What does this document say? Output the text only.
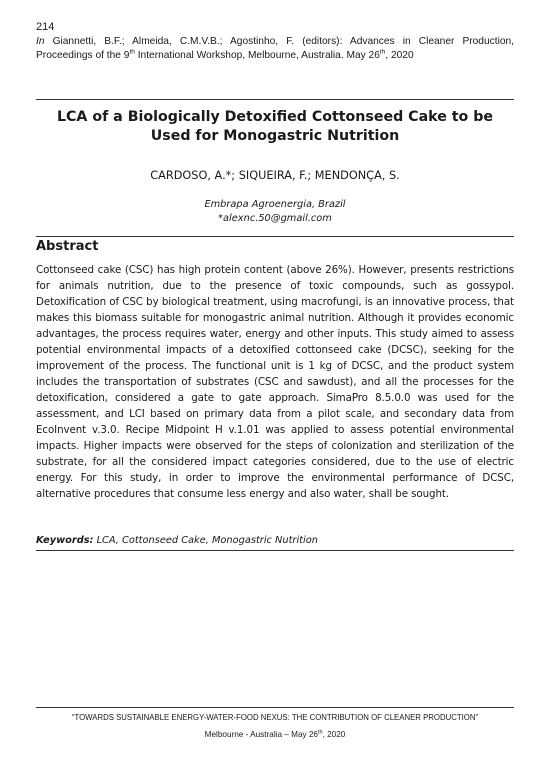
214
In Giannetti, B.F.; Almeida, C.M.V.B.; Agostinho, F. (editors): Advances in Cleaner Production, Proceedings of the 9th International Workshop, Melbourne, Australia. May 26th, 2020
LCA of a Biologically Detoxified Cottonseed Cake to be
Used for Monogastric Nutrition
CARDOSO, A.*; SIQUEIRA, F.; MENDONÇA, S.
Embrapa Agroenergia, Brazil
*alexnc.50@gmail.com
Abstract
Cottonseed cake (CSC) has high protein content (above 26%). However, presents restrictions for animals nutrition, due to the presence of toxic compounds, such as gossypol. Detoxification of CSC by biological treatment, using macrofungi, is an innovative process, that makes this biomass suitable for monogastric animal nutrition. Although it provides economic advantages, the process requires water, energy and other inputs. This study aimed to assess potential environmental impacts of a detoxified cottonseed cake (DCSC), seeking for the improvement of the process. The functional unit is 1 kg of DCSC, and the product system includes the transportation of substrates (CSC and sawdust), and all the processes for the detoxification, considered a gate to gate approach. SimaPro 8.5.0.0 was used for the assessment, and LCI based on primary data from a pilot scale, and secondary data from EcoInvent v.3.0. Recipe Midpoint H v.1.01 was applied to assess potential environmental impacts. Higher impacts were observed for the steps of colonization and sterilization of the substrate, for all the considered impact categories considered, due to the use of electric energy. For this study, in order to improve the environmental performance of DCSC, alternative procedures that consume less energy and also water, shall be sought.
Keywords: LCA, Cottonseed Cake, Monogastric Nutrition
“TOWARDS SUSTAINABLE ENERGY-WATER-FOOD NEXUS: THE CONTRIBUTION OF CLEANER PRODUCTION”
Melbourne - Australia – May 26th, 2020
